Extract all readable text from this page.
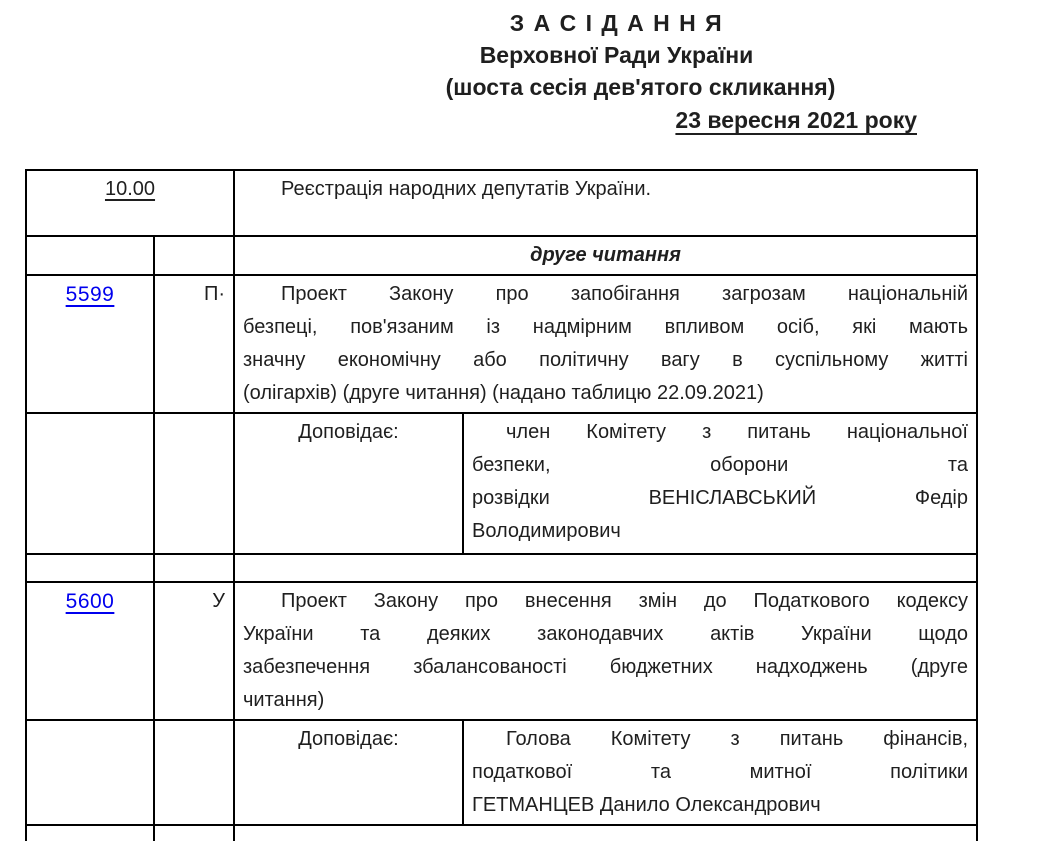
З А С І Д А Н Н Я
Верховної Ради України
(шоста сесія дев'ятого скликання)
23 вересня 2021 року
10.00		Реєстрація народних депутатів України.	
		друге читання	
5599	П·	Проект Закону про запобігання загрозам національній
безпеці, пов'язаним із надмірним впливом осіб, які мають
значну економічну або політичну вагу в суспільному житті
(олігархів) (друге читання) (надано таблицю 22.09.2021)	

		Доповідає:	член Комітету з питань національної
безпеки, оборони та
розвідки ВЕНІСЛАВСЬКИЙ Федір
Володимирович

5600	У	Проект Закону про внесення змін до Податкового кодексу
України та деяких законодавчих актів України щодо
забезпечення збалансованості бюджетних надходжень (друге
читання)	

		Доповідає:	Голова Комітету з питань фінансів,
податкової та митної політики
ГЕТМАНЦЕВ Данило Олександрович
